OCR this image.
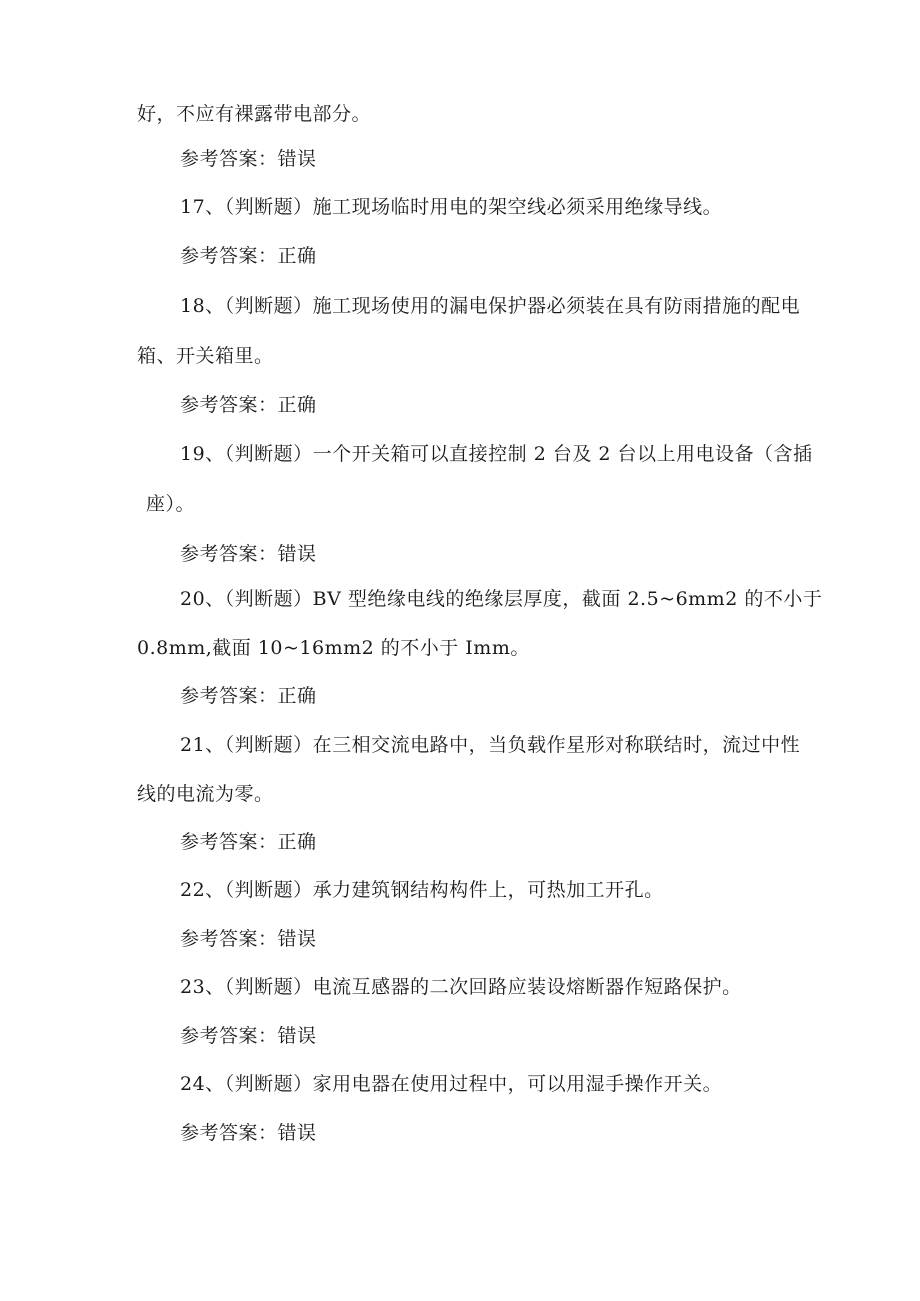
好，不应有裸露带电部分。
参考答案：错误
17、（判断题）施工现场临时用电的架空线必须采用绝缘导线。
参考答案：正确
18、（判断题）施工现场使用的漏电保护器必须装在具有防雨措施的配电
箱、开关箱里。
参考答案：正确
19、（判断题）一个开关箱可以直接控制 2 台及 2 台以上用电设备（含插
座）。
参考答案：错误
20、（判断题）BV 型绝缘电线的绝缘层厚度，截面 2.5~6mm2 的不小于
0.8mm,截面 10~16mm2 的不小于 Imm。
参考答案：正确
21、（判断题）在三相交流电路中，当负载作星形对称联结时，流过中性
线的电流为零。
参考答案：正确
22、（判断题）承力建筑钢结构构件上，可热加工开孔。
参考答案：错误
23、（判断题）电流互感器的二次回路应装设熔断器作短路保护。
参考答案：错误
24、（判断题）家用电器在使用过程中，可以用湿手操作开关。
参考答案：错误
